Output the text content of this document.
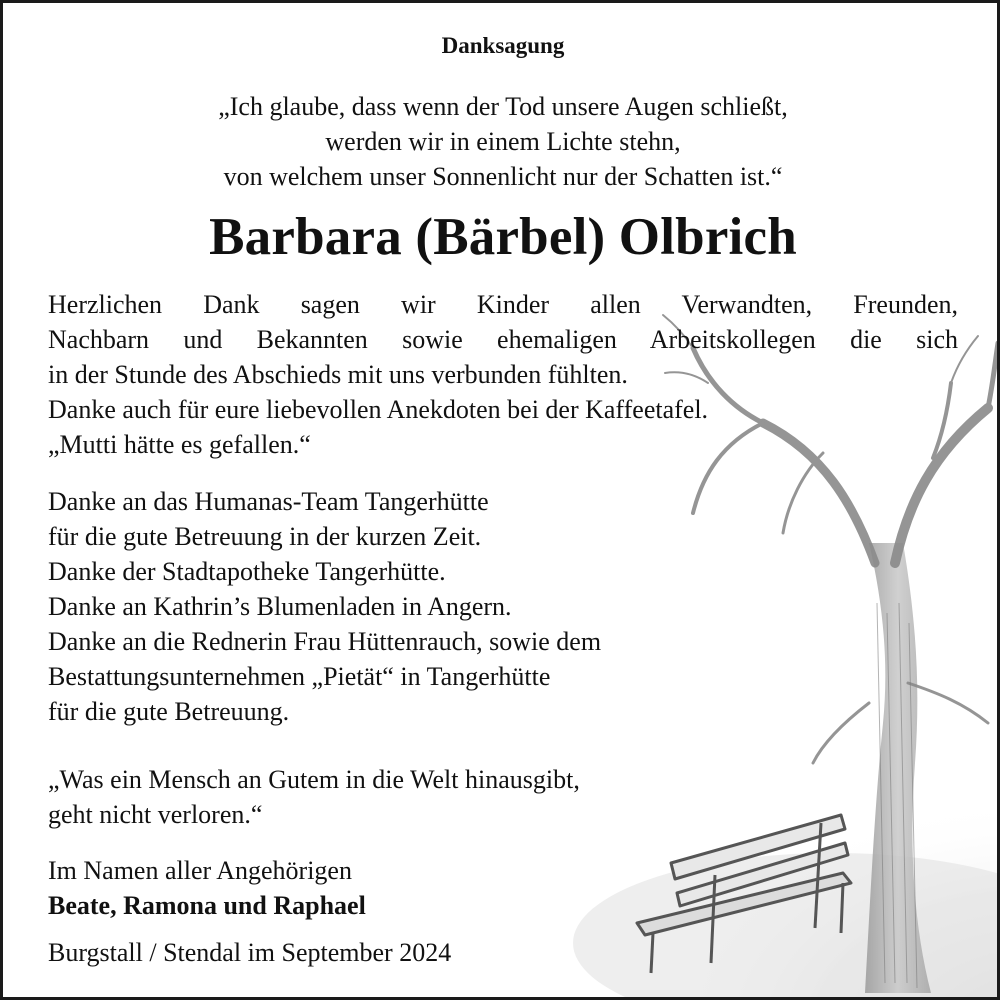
Danksagung
„Ich glaube, dass wenn der Tod unsere Augen schließt,
werden wir in einem Lichte stehn,
von welchem unser Sonnenlicht nur der Schatten ist.“
Barbara (Bärbel) Olbrich
Herzlichen Dank sagen wir Kinder allen Verwandten, Freunden,
Nachbarn und Bekannten sowie ehemaligen Arbeitskollegen die sich
in der Stunde des Abschieds mit uns verbunden fühlten.
Danke auch für eure liebevollen Anekdoten bei der Kaffeetafel.
„Mutti hätte es gefallen.“
Danke an das Humanas-Team Tangerhütte
für die gute Betreuung in der kurzen Zeit.
Danke der Stadtapotheke Tangerhütte.
Danke an Kathrin’s Blumenladen in Angern.
Danke an die Rednerin Frau Hüttenrauch, sowie dem
Bestattungsunternehmen „Pietät“ in Tangerhütte
für die gute Betreuung.
„Was ein Mensch an Gutem in die Welt hinausgibt,
geht nicht verloren.“
Im Namen aller Angehörigen
Beate, Ramona und Raphael
Burgstall / Stendal im September 2024
